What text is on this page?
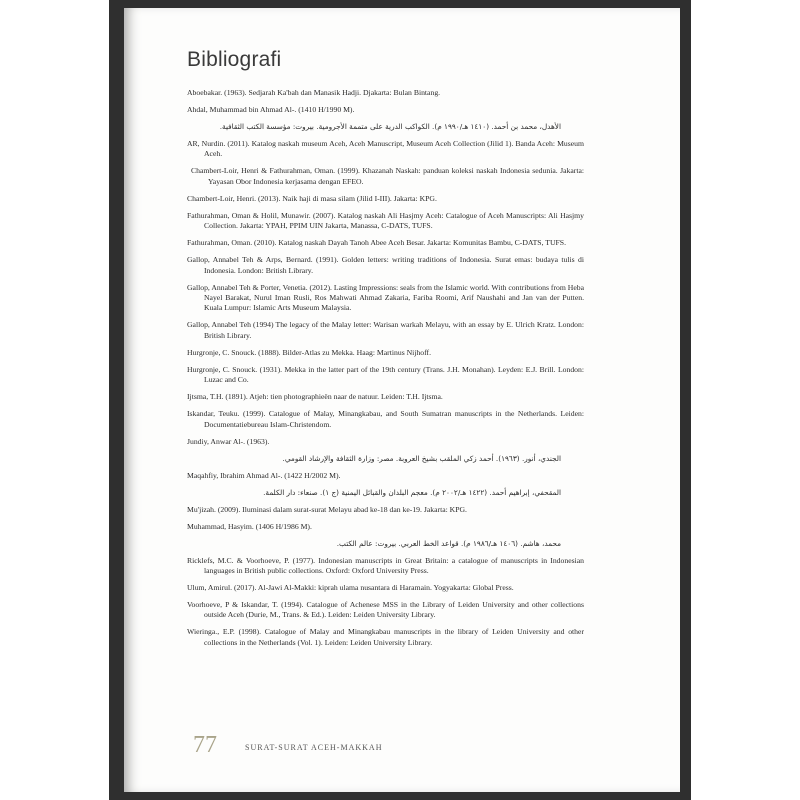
Bibliografi
Aboebakar. (1963). Sedjarah Ka'bah dan Manasik Hadji. Djakarta: Bulan Bintang.
Ahdal, Muhammad bin Ahmad Al-. (1410 H/1990 M).
الأهدل، محمد بن أحمد. (١٤١٠ هـ/١٩٩٠ م). الكواكب الدرية على متممة الأجرومية. بيروت: مؤسسة الكتب الثقافية.
AR, Nurdin. (2011). Katalog naskah museum Aceh, Aceh Manuscript, Museum Aceh Collection (Jilid 1). Banda Aceh: Museum Aceh.
Chambert-Loir, Henri & Fathurahman, Oman. (1999). Khazanah Naskah: panduan koleksi naskah Indonesia sedunia. Jakarta: Yayasan Obor Indonesia kerjasama dengan EFEO.
Chambert-Loir, Henri. (2013). Naik haji di masa silam (Jilid I-III). Jakarta: KPG.
Fathurahman, Oman & Holil, Munawir. (2007). Katalog naskah Ali Hasjmy Aceh: Catalogue of Aceh Manuscripts: Ali Hasjmy Collection. Jakarta: YPAH, PPIM UIN Jakarta, Manassa, C-DATS, TUFS.
Fathurahman, Oman. (2010). Katalog naskah Dayah Tanoh Abee Aceh Besar. Jakarta: Komunitas Bambu, C-DATS, TUFS.
Gallop, Annabel Teh & Arps, Bernard. (1991). Golden letters: writing traditions of Indonesia. Surat emas: budaya tulis di Indonesia. London: British Library.
Gallop, Annabel Teh & Porter, Venetia. (2012). Lasting Impressions: seals from the Islamic world. With contributions from Heba Nayel Barakat, Nurul Iman Rusli, Ros Mahwati Ahmad Zakaria, Fariba Roomi, Arif Naushahi and Jan van der Putten. Kuala Lumpur: Islamic Arts Museum Malaysia.
Gallop, Annabel Teh (1994) The legacy of the Malay letter: Warisan warkah Melayu, with an essay by E. Ulrich Kratz. London: British Library.
Hurgronje, C. Snouck. (1888). Bilder-Atlas zu Mekka. Haag: Martinus Nijhoff.
Hurgronje, C. Snouck. (1931). Mekka in the latter part of the 19th century (Trans. J.H. Monahan). Leyden: E.J. Brill. London: Luzac and Co.
Ijtsma, T.H. (1891). Atjeh: tien photographieën naar de natuur. Leiden: T.H. Ijtsma.
Iskandar, Teuku. (1999). Catalogue of Malay, Minangkabau, and South Sumatran manuscripts in the Netherlands. Leiden: Documentatiebureau Islam-Christendom.
Jundiy, Anwar Al-. (1963).
الجندي، أنور. (١٩٦٣). أحمد زكي الملقب بشيخ العروبة. مصر: وزارة الثقافة والإرشاد القومي.
Maqahfiy, Ibrahim Ahmad Al-. (1422 H/2002 M).
المقحفي، إبراهيم أحمد. (١٤٢٢ هـ/٢٠٠٢ م). معجم البلدان والقبائل اليمنية (ج ١). صنعاء: دار الكلمة.
Mu'jizah. (2009). Iluminasi dalam surat-surat Melayu abad ke-18 dan ke-19. Jakarta: KPG.
Muhammad, Hasyim. (1406 H/1986 M).
محمد، هاشم. (١٤٠٦ هـ/١٩٨٦ م). قواعد الخط العربي. بيروت: عالم الكتب.
Ricklefs, M.C. & Voorhoeve, P. (1977). Indonesian manuscripts in Great Britain: a catalogue of manuscripts in Indonesian languages in British public collections. Oxford: Oxford University Press.
Ulum, Amirul. (2017). Al-Jawi Al-Makki: kiprah ulama nusantara di Haramain. Yogyakarta: Global Press.
Voorhoeve, P & Iskandar, T. (1994). Catalogue of Achenese MSS in the Library of Leiden University and other collections outside Aceh (Durie, M., Trans. & Ed.). Leiden: Leiden University Library.
Wieringa., E.P. (1998). Catalogue of Malay and Minangkabau manuscripts in the library of Leiden University and other collections in the Netherlands (Vol. 1). Leiden: Leiden University Library.
77	SURAT-SURAT ACEH-MAKKAH
